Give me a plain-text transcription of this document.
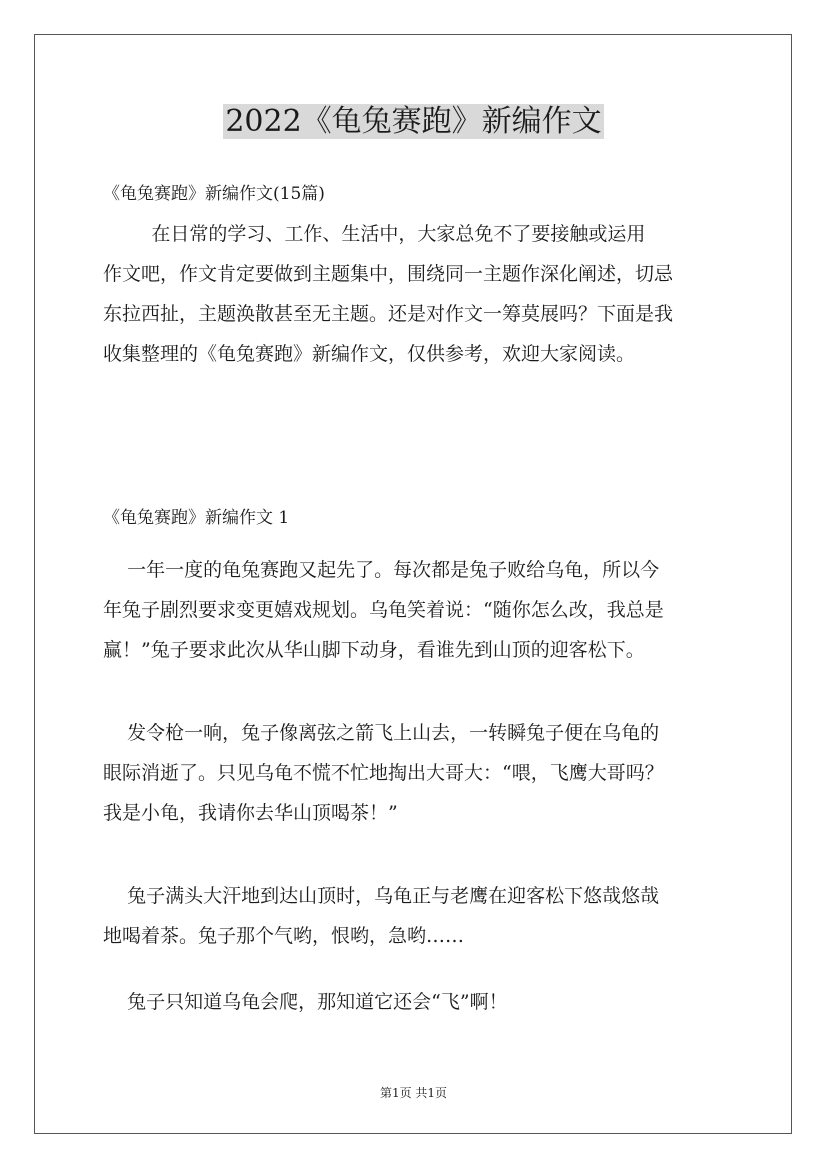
2022《龟兔赛跑》新编作文
《龟兔赛跑》新编作文(15篇)
在日常的学习、工作、生活中，大家总免不了要接触或运用
作文吧，作文肯定要做到主题集中，围绕同一主题作深化阐述，切忌
东拉西扯，主题涣散甚至无主题。还是对作文一筹莫展吗？下面是我
收集整理的《龟兔赛跑》新编作文，仅供参考，欢迎大家阅读。
《龟兔赛跑》新编作文 1
一年一度的龟兔赛跑又起先了。每次都是兔子败给乌龟，所以今
年兔子剧烈要求变更嬉戏规划。乌龟笑着说：“随你怎么改，我总是
赢！”兔子要求此次从华山脚下动身，看谁先到山顶的迎客松下。
发令枪一响，兔子像离弦之箭飞上山去，一转瞬兔子便在乌龟的
眼际消逝了。只见乌龟不慌不忙地掏出大哥大：“喂，飞鹰大哥吗？
我是小龟，我请你去华山顶喝茶！”
兔子满头大汗地到达山顶时，乌龟正与老鹰在迎客松下悠哉悠哉
地喝着茶。兔子那个气哟，恨哟，急哟……
兔子只知道乌龟会爬，那知道它还会“飞”啊！
第1页 共1页
